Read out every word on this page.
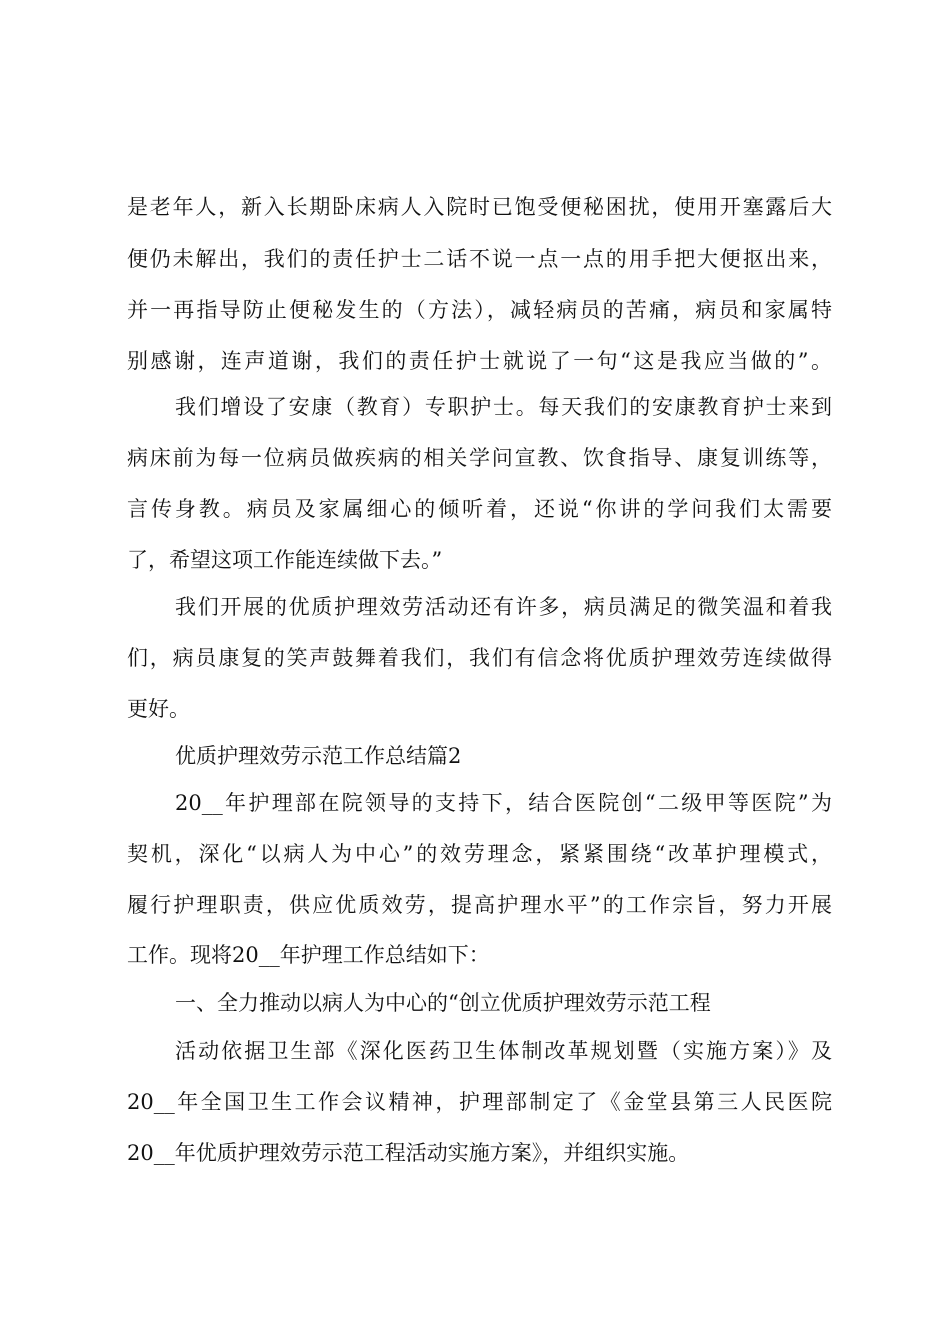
是老年人，新入长期卧床病人入院时已饱受便秘困扰，使用开塞露后大
便仍未解出，我们的责任护士二话不说一点一点的用手把大便抠出来，
并一再指导防止便秘发生的（方法），减轻病员的苦痛，病员和家属特
别感谢，连声道谢，我们的责任护士就说了一句“这是我应当做的”。
我们增设了安康（教育）专职护士。每天我们的安康教育护士来到
病床前为每一位病员做疾病的相关学问宣教、饮食指导、康复训练等，
言传身教。病员及家属细心的倾听着，还说“你讲的学问我们太需要
了，希望这项工作能连续做下去。”
我们开展的优质护理效劳活动还有许多，病员满足的微笑温和着我
们，病员康复的笑声鼓舞着我们，我们有信念将优质护理效劳连续做得
更好。
优质护理效劳示范工作总结篇2
20__年护理部在院领导的支持下，结合医院创“二级甲等医院”为
契机，深化“以病人为中心”的效劳理念，紧紧围绕“改革护理模式，
履行护理职责，供应优质效劳，提高护理水平”的工作宗旨，努力开展
工作。现将20__年护理工作总结如下：
一、全力推动以病人为中心的“创立优质护理效劳示范工程
活动依据卫生部《深化医药卫生体制改革规划暨（实施方案）》及
20__年全国卫生工作会议精神，护理部制定了《金堂县第三人民医院
20__年优质护理效劳示范工程活动实施方案》，并组织实施。
